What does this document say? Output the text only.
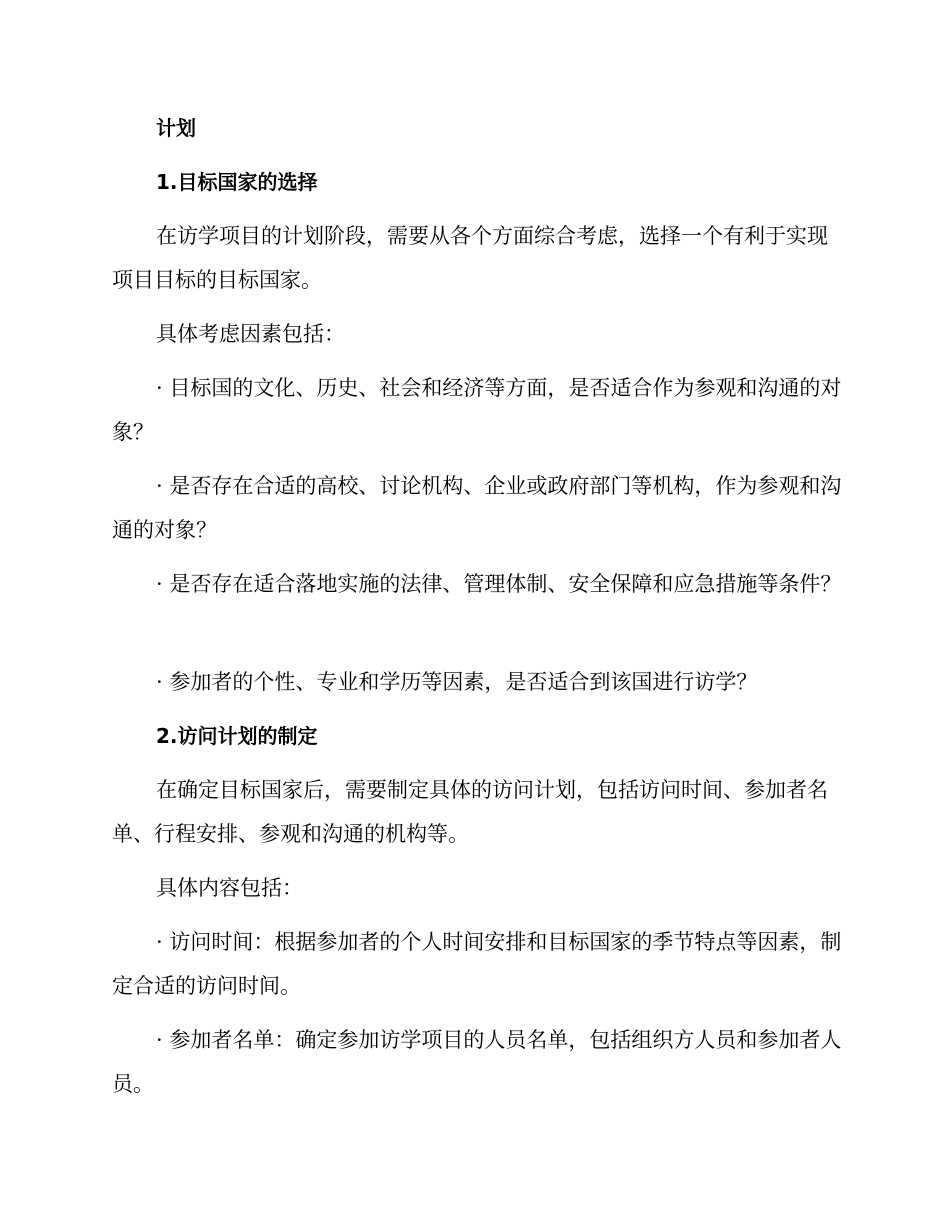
计划
1.目标国家的选择
在访学项目的计划阶段，需要从各个方面综合考虑，选择一个有利于实现项目目标的目标国家。
具体考虑因素包括：
· 目标国的文化、历史、社会和经济等方面，是否适合作为参观和沟通的对象？
· 是否存在合适的高校、讨论机构、企业或政府部门等机构，作为参观和沟通的对象？
· 是否存在适合落地实施的法律、管理体制、安全保障和应急措施等条件？
· 参加者的个性、专业和学历等因素，是否适合到该国进行访学？
2.访问计划的制定
在确定目标国家后，需要制定具体的访问计划，包括访问时间、参加者名单、行程安排、参观和沟通的机构等。
具体内容包括：
· 访问时间：根据参加者的个人时间安排和目标国家的季节特点等因素，制定合适的访问时间。
· 参加者名单：确定参加访学项目的人员名单，包括组织方人员和参加者人员。
